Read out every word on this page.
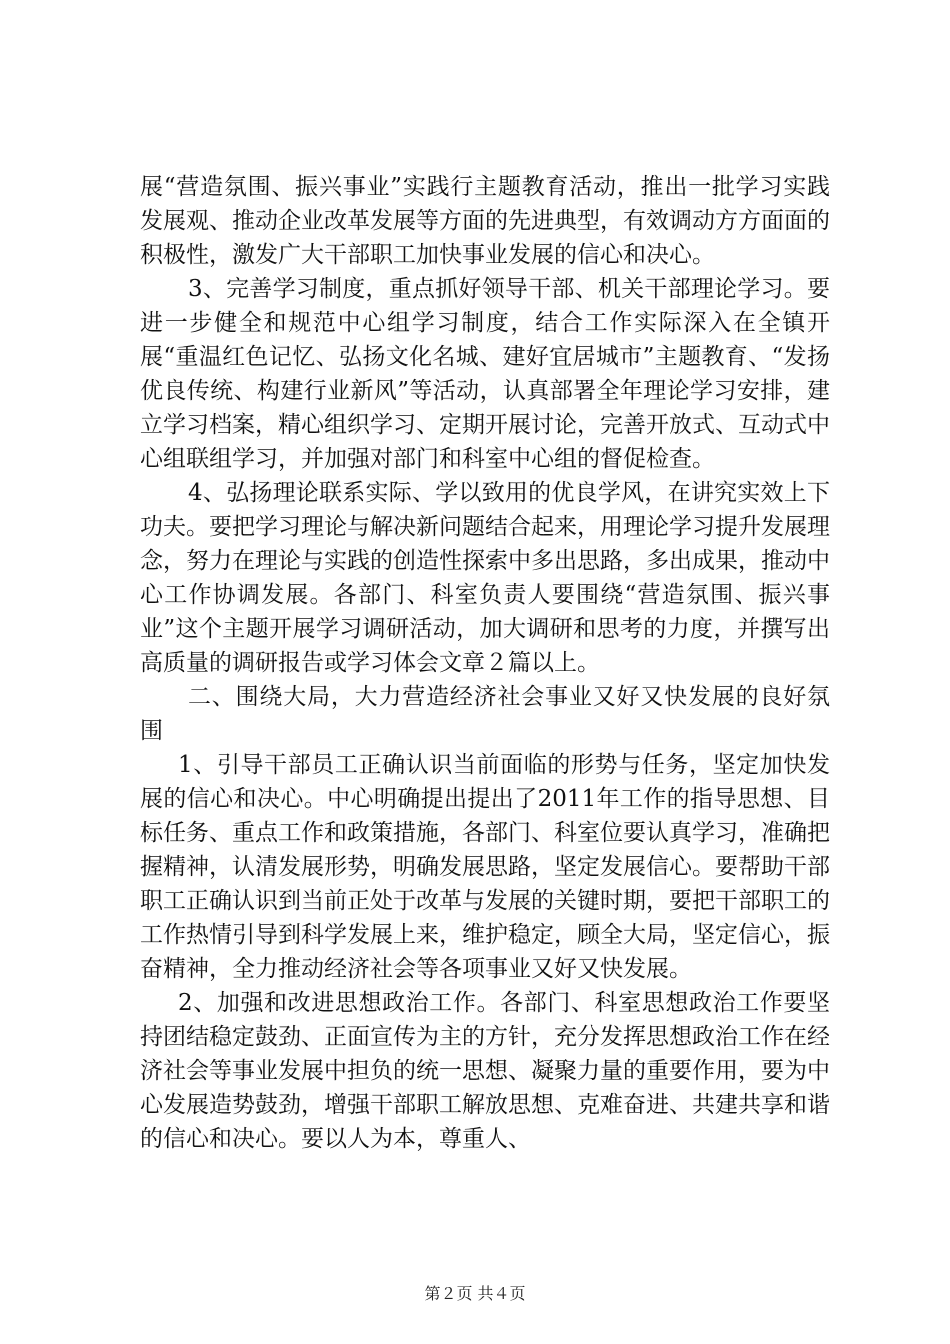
展“营造氛围、振兴事业”实践行主题教育活动，推出一批学习实践发展观、推动企业改革发展等方面的先进典型，有效调动方方面面的积极性，激发广大干部职工加快事业发展的信心和决心。

3、完善学习制度，重点抓好领导干部、机关干部理论学习。要进一步健全和规范中心组学习制度，结合工作实际深入在全镇开展“重温红色记忆、弘扬文化名城、建好宜居城市”主题教育、“发扬优良传统、构建行业新风”等活动，认真部署全年理论学习安排，建立学习档案，精心组织学习、定期开展讨论，完善开放式、互动式中心组联组学习，并加强对部门和科室中心组的督促检查。

4、弘扬理论联系实际、学以致用的优良学风，在讲究实效上下功夫。要把学习理论与解决新问题结合起来，用理论学习提升发展理念，努力在理论与实践的创造性探索中多出思路，多出成果，推动中心工作协调发展。各部门、科室负责人要围绕“营造氛围、振兴事业”这个主题开展学习调研活动，加大调研和思考的力度，并撰写出高质量的调研报告或学习体会文章２篇以上。

二、围绕大局，大力营造经济社会事业又好又快发展的良好氛围

1、引导干部员工正确认识当前面临的形势与任务，坚定加快发展的信心和决心。中心明确提出提出了2011年工作的指导思想、目标任务、重点工作和政策措施，各部门、科室位要认真学习，准确把握精神，认清发展形势，明确发展思路，坚定发展信心。要帮助干部职工正确认识到当前正处于改革与发展的关键时期，要把干部职工的工作热情引导到科学发展上来，维护稳定，顾全大局，坚定信心，振奋精神，全力推动经济社会等各项事业又好又快发展。

2、加强和改进思想政治工作。各部门、科室思想政治工作要坚持团结稳定鼓劲、正面宣传为主的方针，充分发挥思想政治工作在经济社会等事业发展中担负的统一思想、凝聚力量的重要作用，要为中心发展造势鼓劲，增强干部职工解放思想、克难奋进、共建共享和谐的信心和决心。要以人为本，尊重人、

第２页 共４页
